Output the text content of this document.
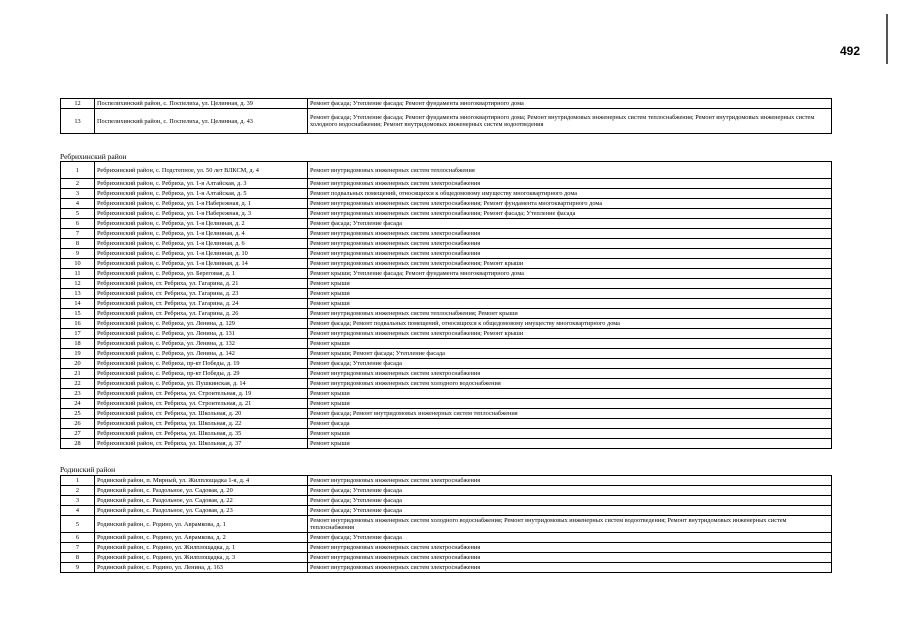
492
12	Поспелихинский район, с. Поспелиха, ул. Целинная, д. 39	Ремонт фасада; Утепление фасада; Ремонт фундамента многоквартирного дома
13	Поспелихинский район, с. Поспелиха, ул. Целинная, д. 43	Ремонт фасада; Утепление фасада; Ремонт фундамента многоквартирного дома; Ремонт внутридомовых инженерных систем теплоснабжения; Ремонт внутридомовых инженерных систем холодного водоснабжения; Ремонт внутридомовых инженерных систем водоотведения
Ребрихинский район
1	Ребрихинский район, с. Подстепное, ул. 50 лет ВЛКСМ, д. 4	Ремонт внутридомовых инженерных систем теплоснабжения
2	Ребрихинский район, с. Ребриха, ул. 1-я Алтайская, д. 3	Ремонт внутридомовых инженерных систем электроснабжения
3	Ребрихинский район, с. Ребриха, ул. 1-я Алтайская, д. 5	Ремонт подвальных помещений, относящихся к общедомовому имуществу многоквартирного дома
4	Ребрихинский район, с. Ребриха, ул. 1-я Набережная, д. 1	Ремонт внутридомовых инженерных систем электроснабжения; Ремонт фундамента многоквартирного дома
5	Ребрихинский район, с. Ребриха, ул. 1-я Набережная, д. 3	Ремонт внутридомовых инженерных систем электроснабжения; Ремонт фасада; Утепление фасада
6	Ребрихинский район, с. Ребриха, ул. 1-я Целинная, д. 2	Ремонт фасада; Утепление фасада
7	Ребрихинский район, с. Ребриха, ул. 1-я Целинная, д. 4	Ремонт внутридомовых инженерных систем электроснабжения
8	Ребрихинский район, с. Ребриха, ул. 1-я Целинная, д. 6	Ремонт внутридомовых инженерных систем электроснабжения
9	Ребрихинский район, с. Ребриха, ул. 1-я Целинная, д. 10	Ремонт внутридомовых инженерных систем электроснабжения
10	Ребрихинский район, с. Ребриха, ул. 1-я Целинная, д. 14	Ремонт внутридомовых инженерных систем электроснабжения; Ремонт крыши
11	Ребрихинский район, с. Ребриха, ул. Береговая, д. 1	Ремонт крыши; Утепление фасада; Ремонт фундамента многоквартирного дома
12	Ребрихинский район, ст. Ребриха, ул. Гагарина, д. 21	Ремонт крыши
13	Ребрихинский район, ст. Ребриха, ул. Гагарина, д. 23	Ремонт крыши
14	Ребрихинский район, ст. Ребриха, ул. Гагарина, д. 24	Ремонт крыши
15	Ребрихинский район, ст. Ребриха, ул. Гагарина, д. 26	Ремонт внутридомовых инженерных систем теплоснабжения; Ремонт крыши
16	Ребрихинский район, с. Ребриха, ул. Ленина, д. 129	Ремонт фасада; Ремонт подвальных помещений, относящихся к общедомовому имуществу многоквартирного дома
17	Ребрихинский район, с. Ребриха, ул. Ленина, д. 131	Ремонт внутридомовых инженерных систем электроснабжения; Ремонт крыши
18	Ребрихинский район, с. Ребриха, ул. Ленина, д. 132	Ремонт крыши
19	Ребрихинский район, с. Ребриха, ул. Ленина, д. 142	Ремонт крыши; Ремонт фасада; Утепление фасада
20	Ребрихинский район, с. Ребриха, пр-кт Победы, д. 19	Ремонт фасада; Утепление фасада
21	Ребрихинский район, с. Ребриха, пр-кт Победы, д. 29	Ремонт внутридомовых инженерных систем электроснабжения
22	Ребрихинский район, с. Ребриха, ул. Пушкинская, д. 14	Ремонт внутридомовых инженерных систем холодного водоснабжения
23	Ребрихинский район, ст. Ребриха, ул. Строительная, д. 19	Ремонт крыши
24	Ребрихинский район, ст. Ребриха, ул. Строительная, д. 21	Ремонт крыши
25	Ребрихинский район, ст. Ребриха, ул. Школьная, д. 20	Ремонт фасада; Ремонт внутридомовых инженерных систем теплоснабжения
26	Ребрихинский район, ст. Ребриха, ул. Школьная, д. 22	Ремонт фасада
27	Ребрихинский район, ст. Ребриха, ул. Школьная, д. 35	Ремонт крыши
28	Ребрихинский район, ст. Ребриха, ул. Школьная, д. 37	Ремонт крыши
Родинский район
1	Родинский район, п. Мирный, ул. Жилплощадка 1-я, д. 4	Ремонт внутридомовых инженерных систем электроснабжения
2	Родинский район, с. Раздольное, ул. Садовая, д. 20	Ремонт фасада; Утепление фасада
3	Родинский район, с. Раздольное, ул. Садовая, д. 22	Ремонт фасада; Утепление фасада
4	Родинский район, с. Раздольное, ул. Садовая, д. 23	Ремонт фасада; Утепление фасада
5	Родинский район, с. Родино, ул. Аврамкова, д. 1	Ремонт внутридомовых инженерных систем холодного водоснабжения; Ремонт внутридомовых инженерных систем водоотведения; Ремонт внутридомовых инженерных систем теплоснабжения
6	Родинский район, с. Родино, ул. Аврамкова, д. 2	Ремонт фасада; Утепление фасада
7	Родинский район, с. Родино, ул. Жилплощадка, д. 1	Ремонт внутридомовых инженерных систем электроснабжения
8	Родинский район, с. Родино, ул. Жилплощадка, д. 3	Ремонт внутридомовых инженерных систем электроснабжения
9	Родинский район, с. Родино, ул. Ленина, д. 163	Ремонт внутридомовых инженерных систем электроснабжения
